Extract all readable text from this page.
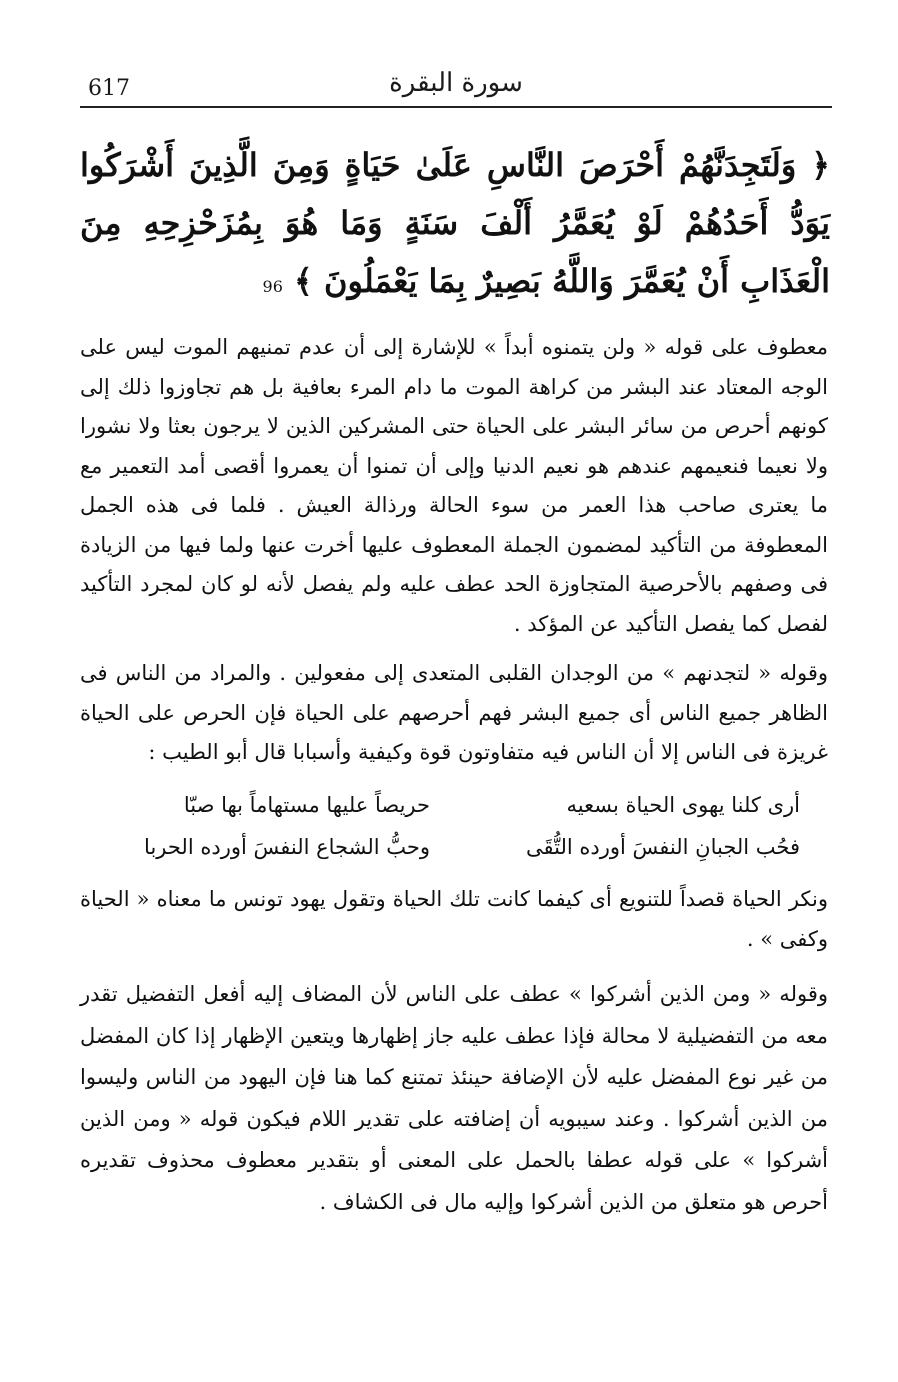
617	سورة البقرة
﴿ وَلَتَجِدَنَّهُمْ أَحْرَصَ النَّاسِ عَلَىٰ حَيَاةٍ وَمِنَ الَّذِينَ أَشْرَكُوا يَوَدُّ أَحَدُهُمْ لَوْ يُعَمَّرُ أَلْفَ سَنَةٍ وَمَا هُوَ بِمُزَحْزِحِهِ مِنَ الْعَذَابِ أَنْ يُعَمَّرَ وَاللَّهُ بَصِيرٌ بِمَا يَعْمَلُونَ ﴾ 96
معطوف على قوله « ولن يتمنوه أبداً » للإشارة إلى أن عدم تمنيهم الموت ليس على الوجه المعتاد عند البشر من كراهة الموت ما دام المرء بعافية بل هم تجاوزوا ذلك إلى كونهم أحرص من سائر البشر على الحياة حتى المشركين الذين لا يرجون بعثا ولا نشورا ولا نعيما فنعيمهم عندهم هو نعيم الدنيا وإلى أن تمنوا أن يعمروا أقصى أمد التعمير مع ما يعترى صاحب هذا العمر من سوء الحالة ورذالة العيش . فلما فى هذه الجمل المعطوفة من التأكيد لمضمون الجملة المعطوف عليها أخرت عنها ولما فيها من الزيادة فى وصفهم بالأحرصية المتجاوزة الحد عطف عليه ولم يفصل لأنه لو كان لمجرد التأكيد لفصل كما يفصل التأكيد عن المؤكد .
وقوله « لتجدنهم » من الوجدان القلبى المتعدى إلى مفعولين . والمراد من الناس فى الظاهر جميع الناس أى جميع البشر فهم أحرصهم على الحياة فإن الحرص على الحياة غريزة فى الناس إلا أن الناس فيه متفاوتون قوة وكيفية وأسبابا قال أبو الطيب :
أرى كلنا يهوى الحياة بسعيه
حريصاً عليها مستهاماً بها صبّا
فحُب الجبانِ النفسَ أورده التُّقَى
وحبُّ الشجاع النفسَ أورده الحربا
ونكر الحياة قصداً للتنويع أى كيفما كانت تلك الحياة وتقول يهود تونس ما معناه « الحياة وكفى » .
وقوله « ومن الذين أشركوا » عطف على الناس لأن المضاف إليه أفعل التفضيل تقدر معه من التفضيلية لا محالة فإذا عطف عليه جاز إظهارها ويتعين الإظهار إذا كان المفضل من غير نوع المفضل عليه لأن الإضافة حينئذ تمتنع كما هنا فإن اليهود من الناس وليسوا من الذين أشركوا . وعند سيبويه أن إضافته على تقدير اللام فيكون قوله « ومن الذين أشركوا » على قوله عطفا بالحمل على المعنى أو بتقدير معطوف محذوف تقديره أحرص هو متعلق من الذين أشركوا وإليه مال فى الكشاف .
